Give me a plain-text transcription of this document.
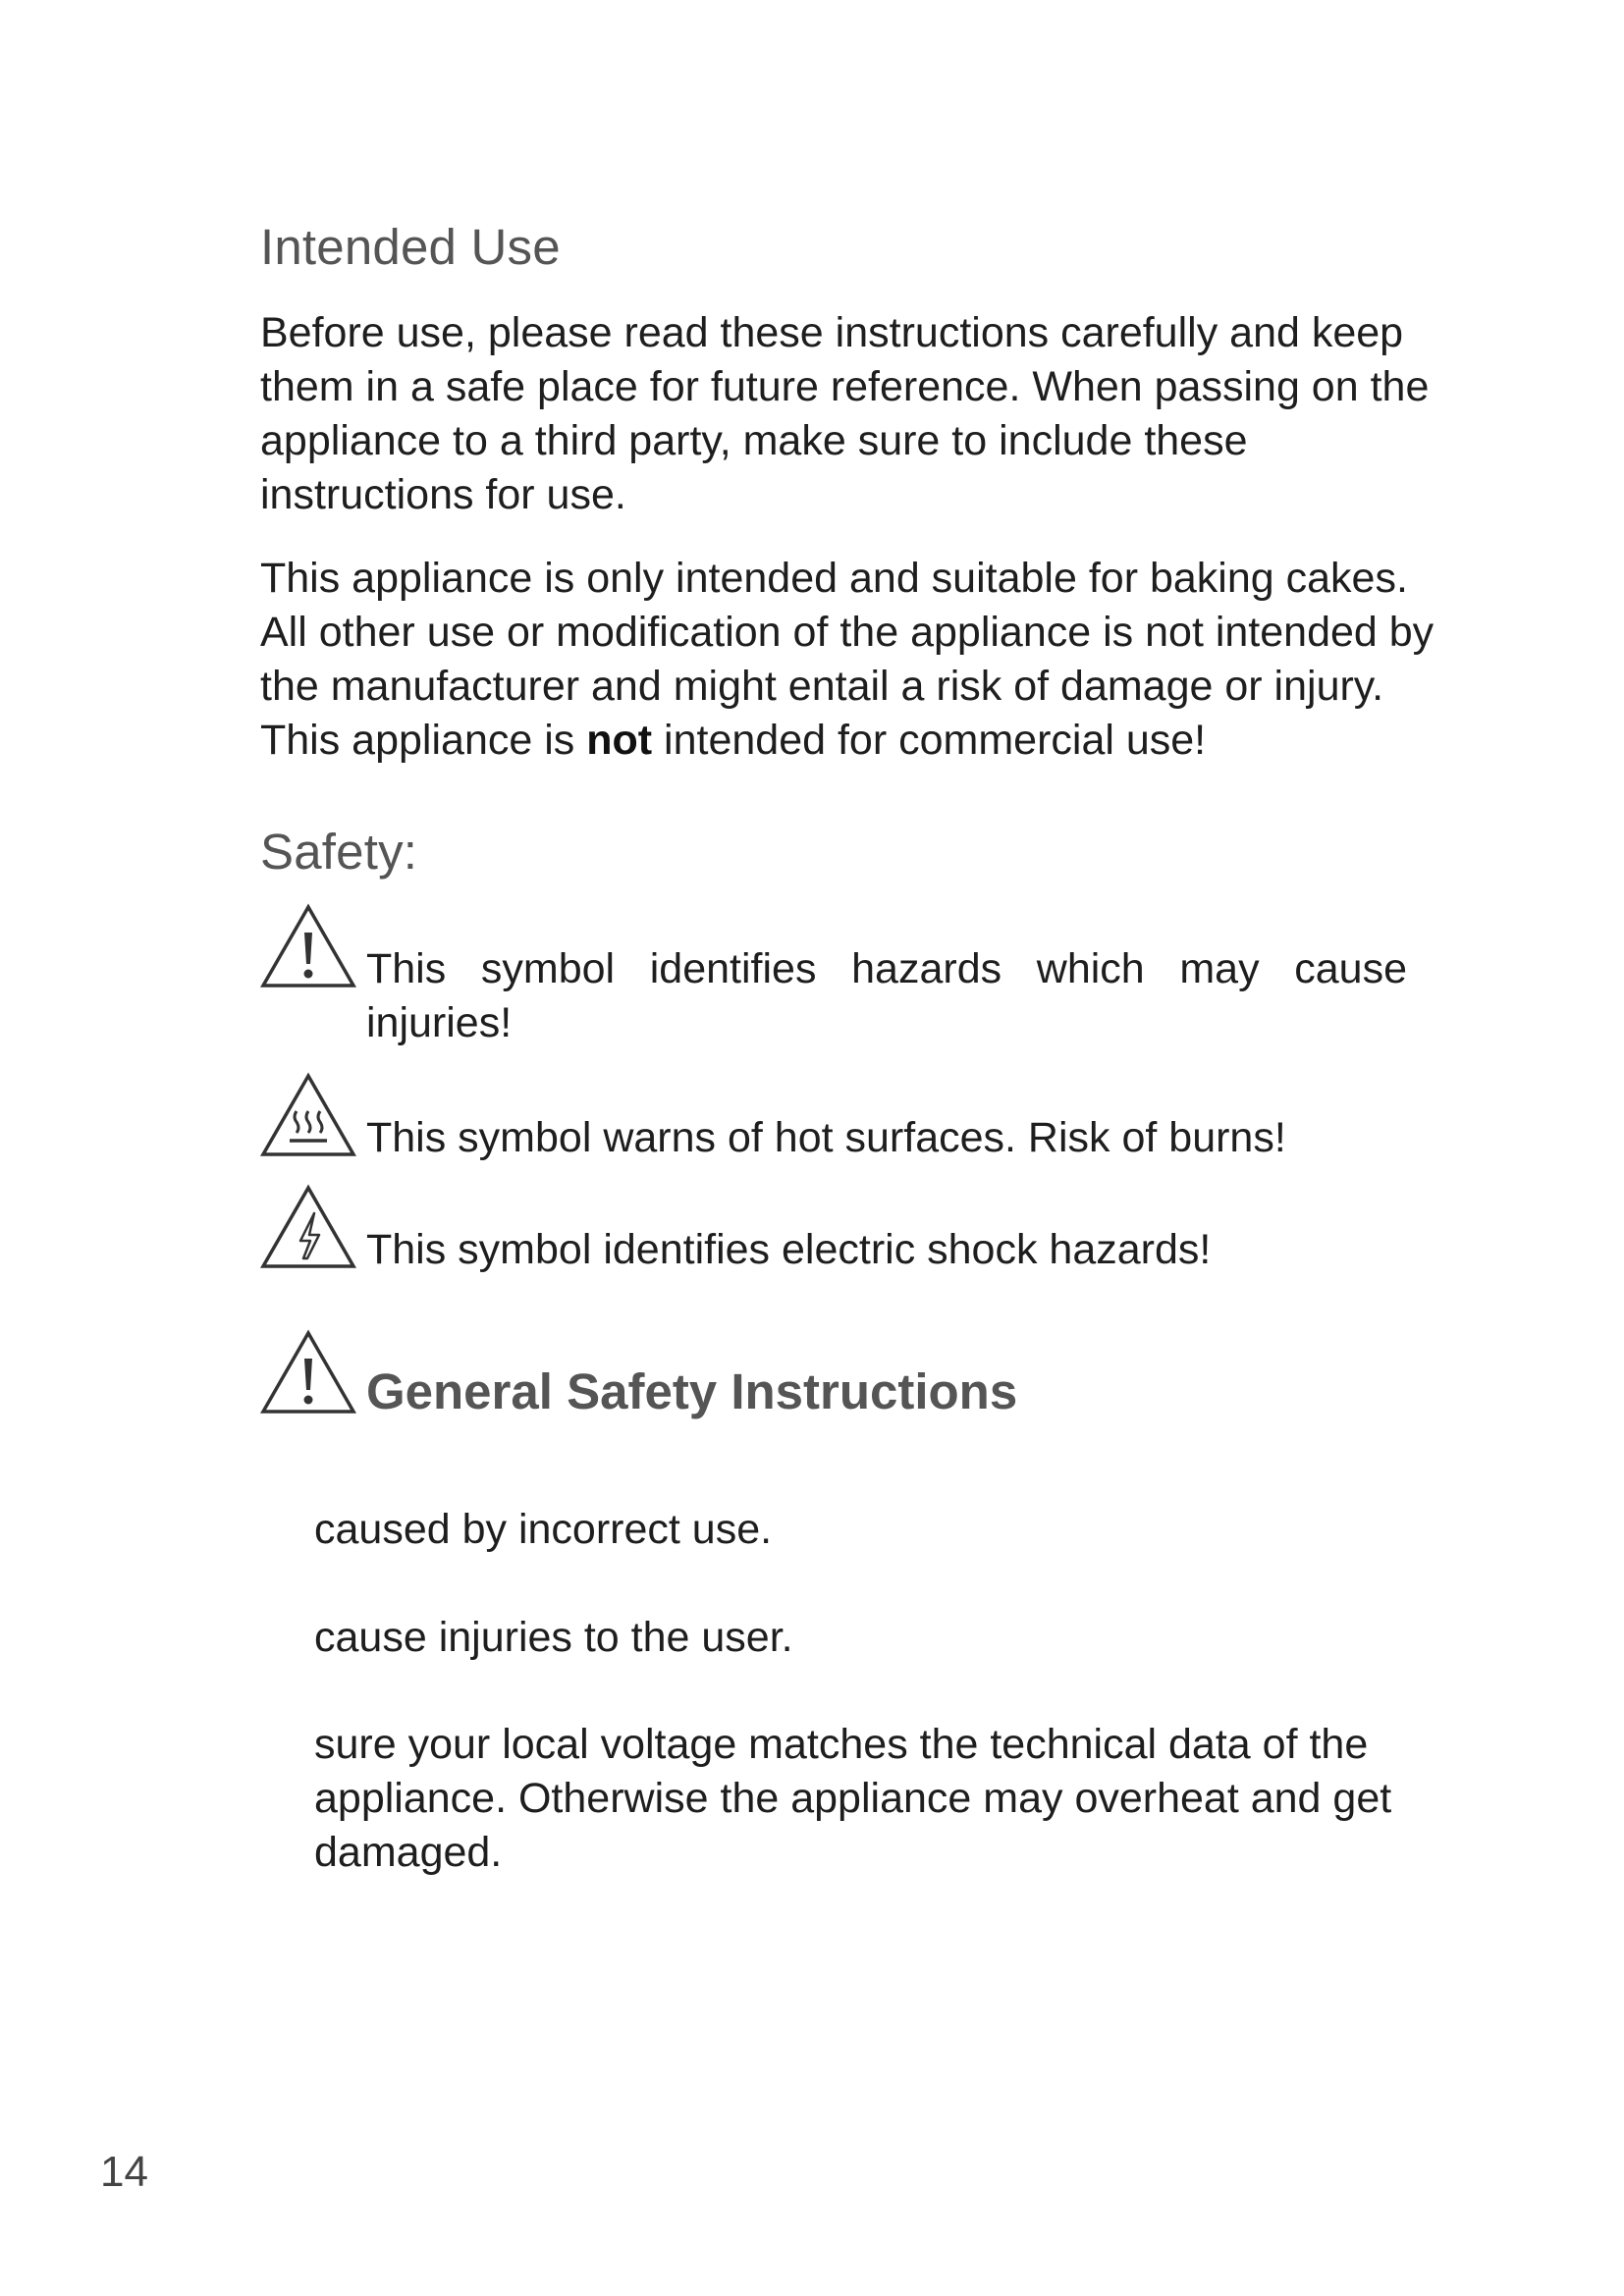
Intended Use

Before use, please read these instructions carefully and keep them in a safe place for future reference. When passing on the appliance to a third party, make sure to include these instructions for use.

This appliance is only intended and suitable for baking cakes. All other use or modification of the appliance is not intended by the manufacturer and might entail a risk of damage or injury. This appliance is not intended for commercial use!

Safety:

This symbol identifies hazards which may cause
injuries!

This symbol warns of hot surfaces. Risk of burns!

This symbol identifies electric shock hazards!

General Safety Instructions

caused by incorrect use.

cause injuries to the user.

sure your local voltage matches the technical data of the appliance. Otherwise the appliance may overheat and get damaged.

14
